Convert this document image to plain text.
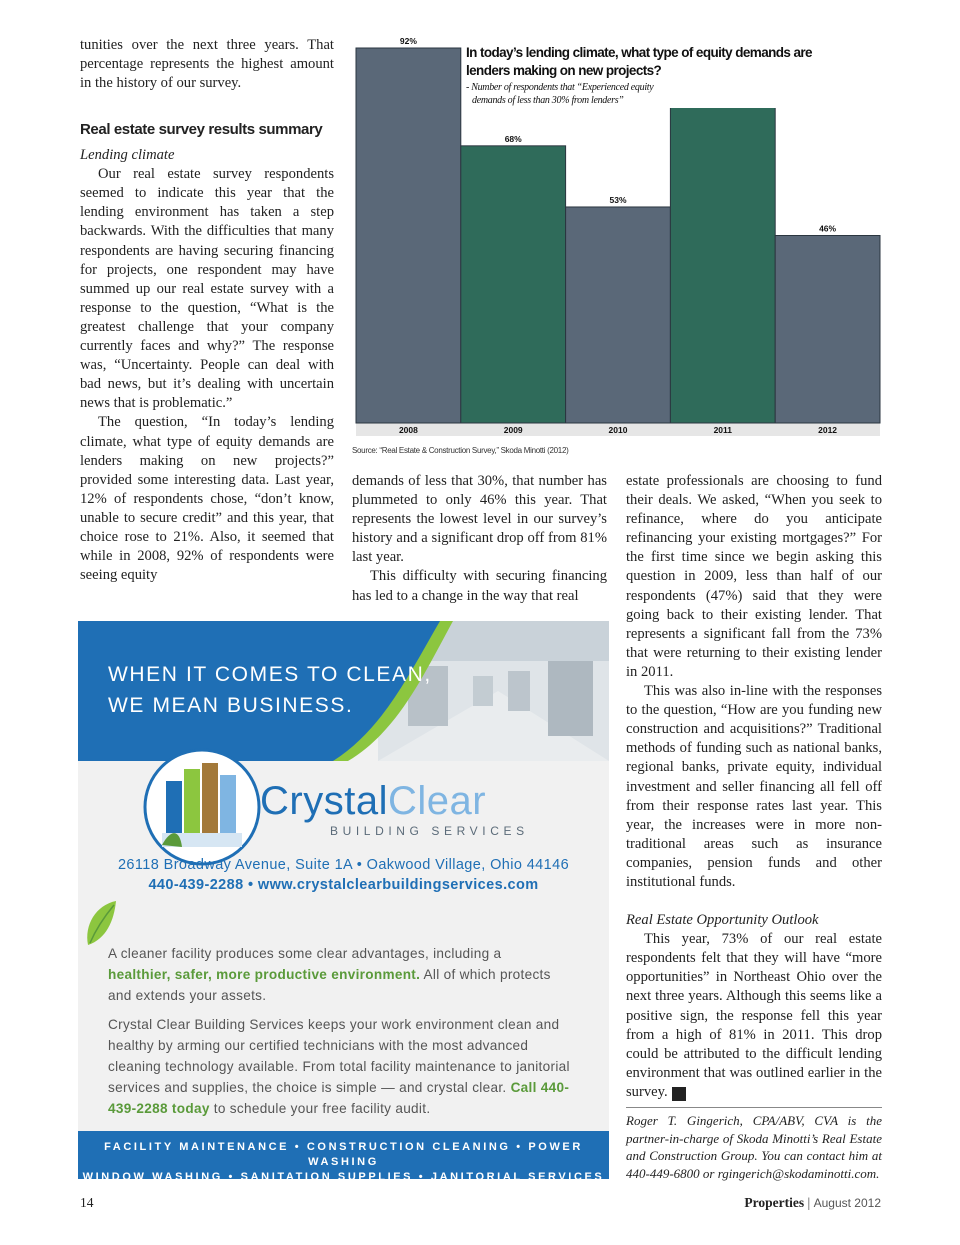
tunities over the next three years. That percentage represents the highest amount in the history of our survey.
Real estate survey results summary

Lending climate

Our real estate survey respondents seemed to indicate this year that the lending environment has taken a step backwards. With the difficulties that many respondents are having securing financing for projects, one respondent may have summed up our real estate survey with a response to the question, “What is the greatest challenge that your company currently faces and why?” The response was, “Uncertainty. People can deal with bad news, but it’s dealing with uncertain news that is problematic.”

The question, “In today’s lending climate, what type of equity demands are lenders making on new projects?” provided some interesting data. Last year, 12% of respondents chose, “don’t know, unable to secure credit” and this year, that choice rose to 21%. Also, it seemed that while in 2008, 92% of respondents were seeing equity

92%
2008
68%
2009
53%
2010	2011
46%
2012
In today’s lending climate, what type of equity demands are
lenders making on new projects?
- Number of respondents that “Experienced equity
demands of less than 30% from lenders”
Source: “Real Estate & Construction Survey,” Skoda Minotti (2012)

demands of less that 30%, that number has plummeted to only 46% this year. That represents the lowest level in our survey’s history and a significant drop off from 81% last year.

This difficulty with securing financing has led to a change in the way that real

estate professionals are choosing to fund their deals. We asked, “When you seek to refinance, where do you anticipate refinancing your existing mortgages?” For the first time since we begin asking this question in 2009, less than half of our respondents (47%) said that they were going back to their existing lender. That represents a significant fall from the 73% that were returning to their existing lender in 2011.

This was also in-line with the responses to the question, “How are you funding new construction and acquisitions?” Traditional methods of funding such as national banks, regional banks, private equity, individual investment and seller financing all fell off from their response rates last year. This year, the increases were in more non-traditional areas such as insurance companies, pension funds and other institutional funds.

Real Estate Opportunity Outlook

This year, 73% of our real estate respondents felt that they will have “more opportunities” in Northeast Ohio over the next three years. Although this seems like a positive sign, the response fell this year from a high of 81% in 2011. This drop could be attributed to the difficult lending environment that was outlined earlier in the survey. P

Roger T. Gingerich, CPA/ABV, CVA is the partner-in-charge of Skoda Minotti’s Real Estate and Construction Group. You can contact him at 440-449-6800 or rgingerich@skodaminotti.com.
WHEN IT COMES TO CLEAN,
WE MEAN BUSINESS.
CrystalClear
BUILDING SERVICES
26118 Broadway Avenue, Suite 1A • Oakwood Village, Ohio 44146
440-439-2288 • www.crystalclearbuildingservices.com

A cleaner facility produces some clear advantages, including a
healthier, safer, more productive environment. All of which protects and extends your assets.

Crystal Clear Building Services keeps your work environment clean and healthy by arming our certified technicians with the most advanced cleaning technology available. From total facility maintenance to janitorial services and supplies, the choice is simple — and crystal clear. Call 440-439-2288 today to schedule your free facility audit.

FACILITY MAINTENANCE • CONSTRUCTION CLEANING • POWER WASHING
WINDOW WASHING • SANITATION SUPPLIES • JANITORIAL SERVICES
14	Properties | August 2012
